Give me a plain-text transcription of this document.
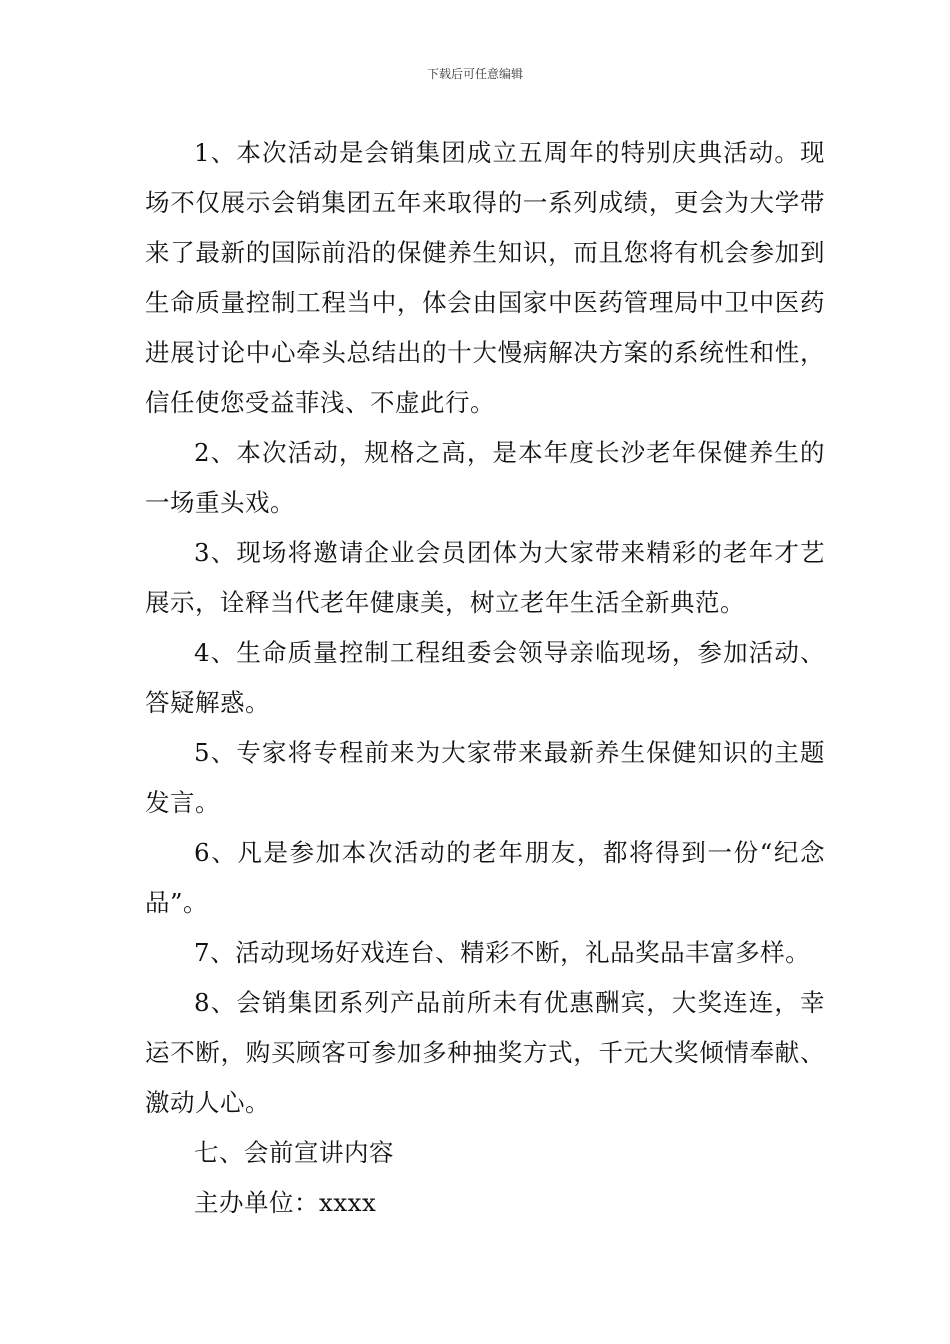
下载后可任意编辑

1、本次活动是会销集团成立五周年的特别庆典活动。现场不仅展示会销集团五年来取得的一系列成绩，更会为大学带来了最新的国际前沿的保健养生知识，而且您将有机会参加到生命质量控制工程当中，体会由国家中医药管理局中卫中医药进展讨论中心牵头总结出的十大慢病解决方案的系统性和性，信任使您受益菲浅、不虚此行。

2、本次活动，规格之高，是本年度长沙老年保健养生的一场重头戏。

3、现场将邀请企业会员团体为大家带来精彩的老年才艺展示，诠释当代老年健康美，树立老年生活全新典范。

4、生命质量控制工程组委会领导亲临现场，参加活动、答疑解惑。

5、专家将专程前来为大家带来最新养生保健知识的主题发言。

6、凡是参加本次活动的老年朋友，都将得到一份“纪念品”。

7、活动现场好戏连台、精彩不断，礼品奖品丰富多样。

8、会销集团系列产品前所未有优惠酬宾，大奖连连，幸运不断，购买顾客可参加多种抽奖方式，千元大奖倾情奉献、激动人心。

七、会前宣讲内容

主办单位：xxxx
